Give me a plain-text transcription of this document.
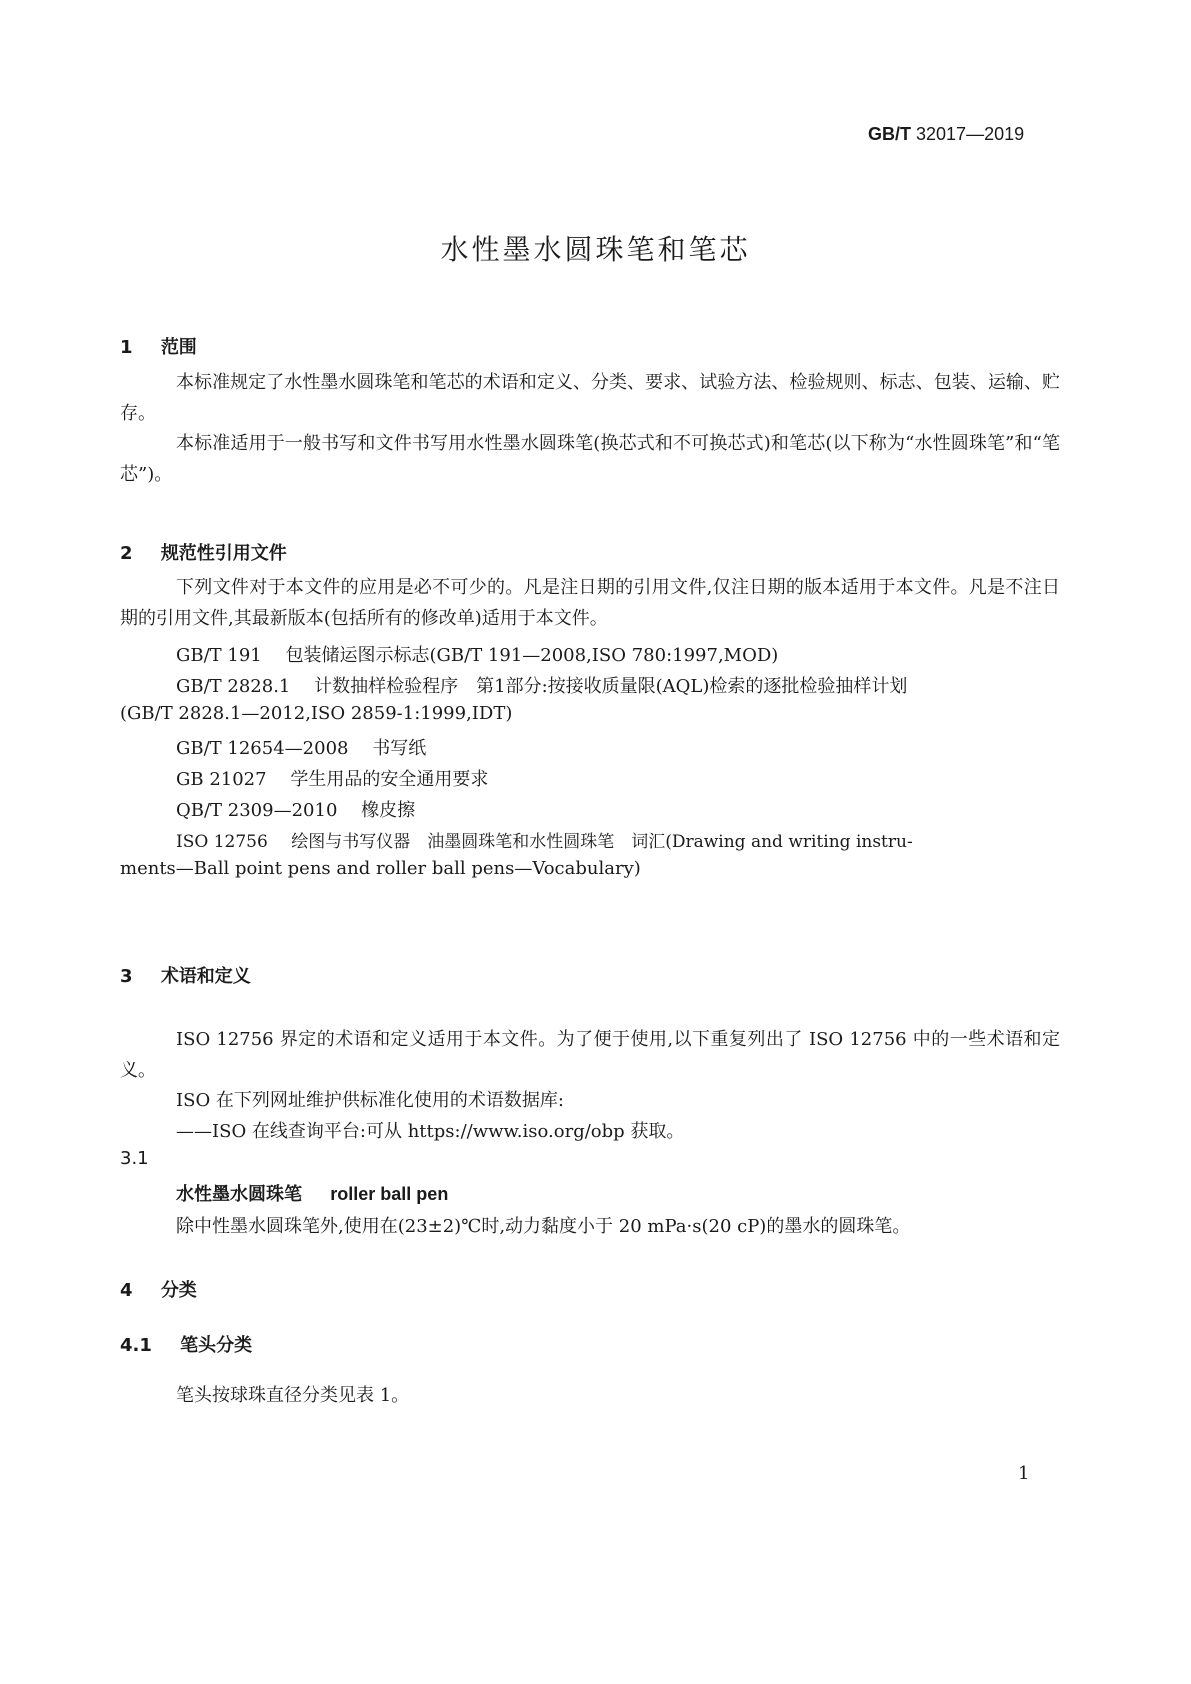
GB/T 32017—2019
水性墨水圆珠笔和笔芯
1 范围
本标准规定了水性墨水圆珠笔和笔芯的术语和定义、分类、要求、试验方法、检验规则、标志、包装、运输、贮存。
本标准适用于一般书写和文件书写用水性墨水圆珠笔(换芯式和不可换芯式)和笔芯(以下称为“水性圆珠笔”和“笔芯”)。
2 规范性引用文件
下列文件对于本文件的应用是必不可少的。凡是注日期的引用文件,仅注日期的版本适用于本文件。凡是不注日期的引用文件,其最新版本(包括所有的修改单)适用于本文件。
GB/T 191 包装储运图示标志(GB/T 191—2008,ISO 780:1997,MOD)
GB/T 2828.1 计数抽样检验程序　第1部分:按接收质量限(AQL)检索的逐批检验抽样计划
(GB/T 2828.1—2012,ISO 2859-1:1999,IDT)
GB/T 12654—2008 书写纸
GB 21027 学生用品的安全通用要求
QB/T 2309—2010 橡皮擦
ISO 12756 绘图与书写仪器　油墨圆珠笔和水性圆珠笔　词汇(Drawing and writing instru-
ments—Ball point pens and roller ball pens—Vocabulary)
3 术语和定义
ISO 12756 界定的术语和定义适用于本文件。为了便于使用,以下重复列出了 ISO 12756 中的一些术语和定义。
ISO 在下列网址维护供标准化使用的术语数据库:
——ISO 在线查询平台:可从 https://www.iso.org/obp 获取。
3.1
水性墨水圆珠笔 roller ball pen
除中性墨水圆珠笔外,使用在(23±2)℃时,动力黏度小于 20 mPa·s(20 cP)的墨水的圆珠笔。
4 分类
4.1 笔头分类
笔头按球珠直径分类见表 1。
1
